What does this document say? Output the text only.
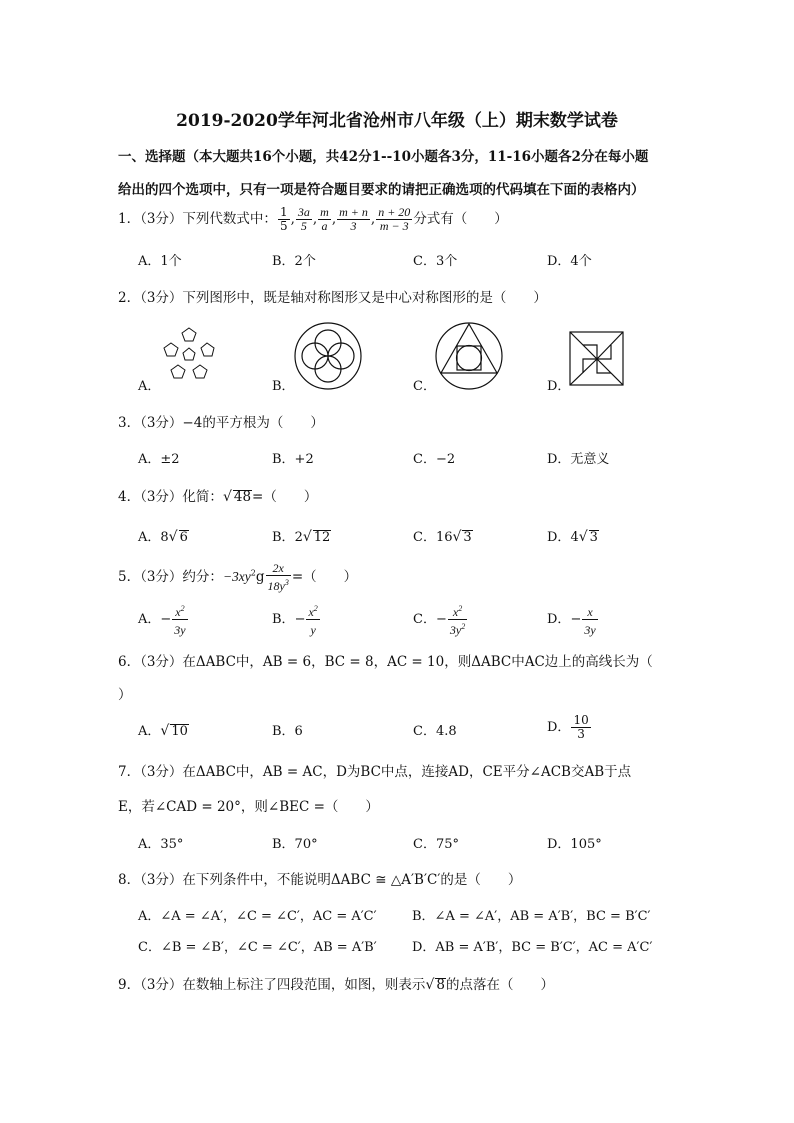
2019-2020学年河北省沧州市八年级（上）期末数学试卷
一、选择题（本大题共16个小题，共42分1--10小题各3分，11-16小题各2分在每小题
给出的四个选项中，只有一项是符合题目要求的请把正确选项的代码填在下面的表格内）
1．（3分）下列代数式中： $\frac{1}{5}$ , $\frac{3a}{5}$ , $\frac{m}{a}$ , $\frac{m + n}{3}$ , $\frac{n + 20}{m - 3}$ 分式有（　　）
A．1个	B．2个	C．3个	D．4个
2．（3分）下列图形中，既是轴对称图形又是中心对称图形的是（　　）
A．	B．	C．	D．
3．（3分）−4的平方根为（　　）
A．±2	B．+2	C．−2	D．无意义
4．（3分）化简：√ 48=（　　）
A．8√ 6	B．2√ 12	C．16√ 3	D．4√ 3
5．（3分）约分：$-3xy^2g \frac{2x}{18y^3}$ =（　　）
A．− $\frac{x^2}{3y}$	B．− $\frac{x^2}{y}$	C．− $\frac{x^2}{3y^2}$	D．− $\frac{x}{3y}$
6．（3分）在ΔABC中，AB = 6，BC = 8，AC = 10，则ΔABC中AC边上的高线长为（
）
A．√ 10	B．6	C．4.8	D． $\frac{10}{3}$
7．（3分）在ΔABC中，AB = AC，D为BC中点，连接AD，CE平分∠ACB交AB于点
E，若∠CAD = 20°，则∠BEC =（　　）
A．35°	B．70°	C．75°	D．105°
8．（3分）在下列条件中，不能说明ΔABC ≅ △A′B′C′的是（　　）
A．∠A = ∠A′，∠C = ∠C′，AC = A′C′	B．∠A = ∠A′，AB = A′B′，BC = B′C′
C．∠B = ∠B′，∠C = ∠C′，AB = A′B′	D．AB = A′B′，BC = B′C′，AC = A′C′
9．（3分）在数轴上标注了四段范围，如图，则表示√ 8的点落在（　　）
